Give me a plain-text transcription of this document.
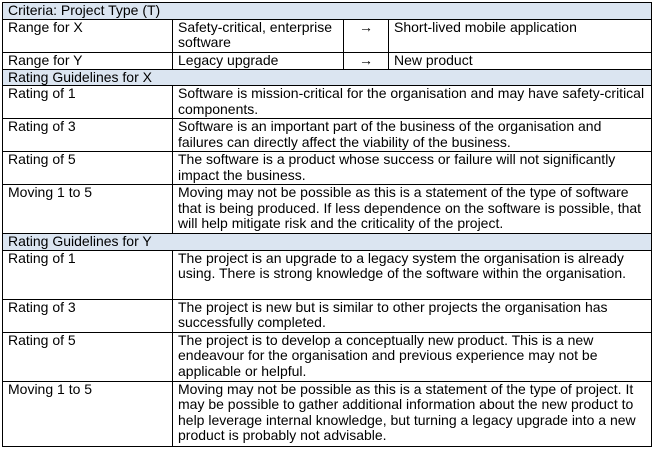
Criteria: Project Type (T)			
Range for X	Safety-critical, enterprise software	→	Short-lived mobile application
Range for Y	Legacy upgrade	→	New product
Rating Guidelines for X			
Rating of 1	Software is mission-critical for the organisation and may have safety-critical components.		
Rating of 3	Software is an important part of the business of the organisation and failures can directly affect the viability of the business.		
Rating of 5	The software is a product whose success or failure will not significantly impact the business.		
Moving 1 to 5	Moving may not be possible as this is a statement of the type of software that is being produced. If less dependence on the software is possible, that will help mitigate risk and the criticality of the project.		
Rating Guidelines for Y			
Rating of 1	The project is an upgrade to a legacy system the organisation is already using. There is strong knowledge of the software within the organisation.		
Rating of 3	The project is new but is similar to other projects the organisation has successfully completed.		
Rating of 5	The project is to develop a conceptually new product. This is a new endeavour for the organisation and previous experience may not be applicable or helpful.		
Moving 1 to 5	Moving may not be possible as this is a statement of the type of project. It may be possible to gather additional information about the new product to help leverage internal knowledge, but turning a legacy upgrade into a new product is probably not advisable.		
